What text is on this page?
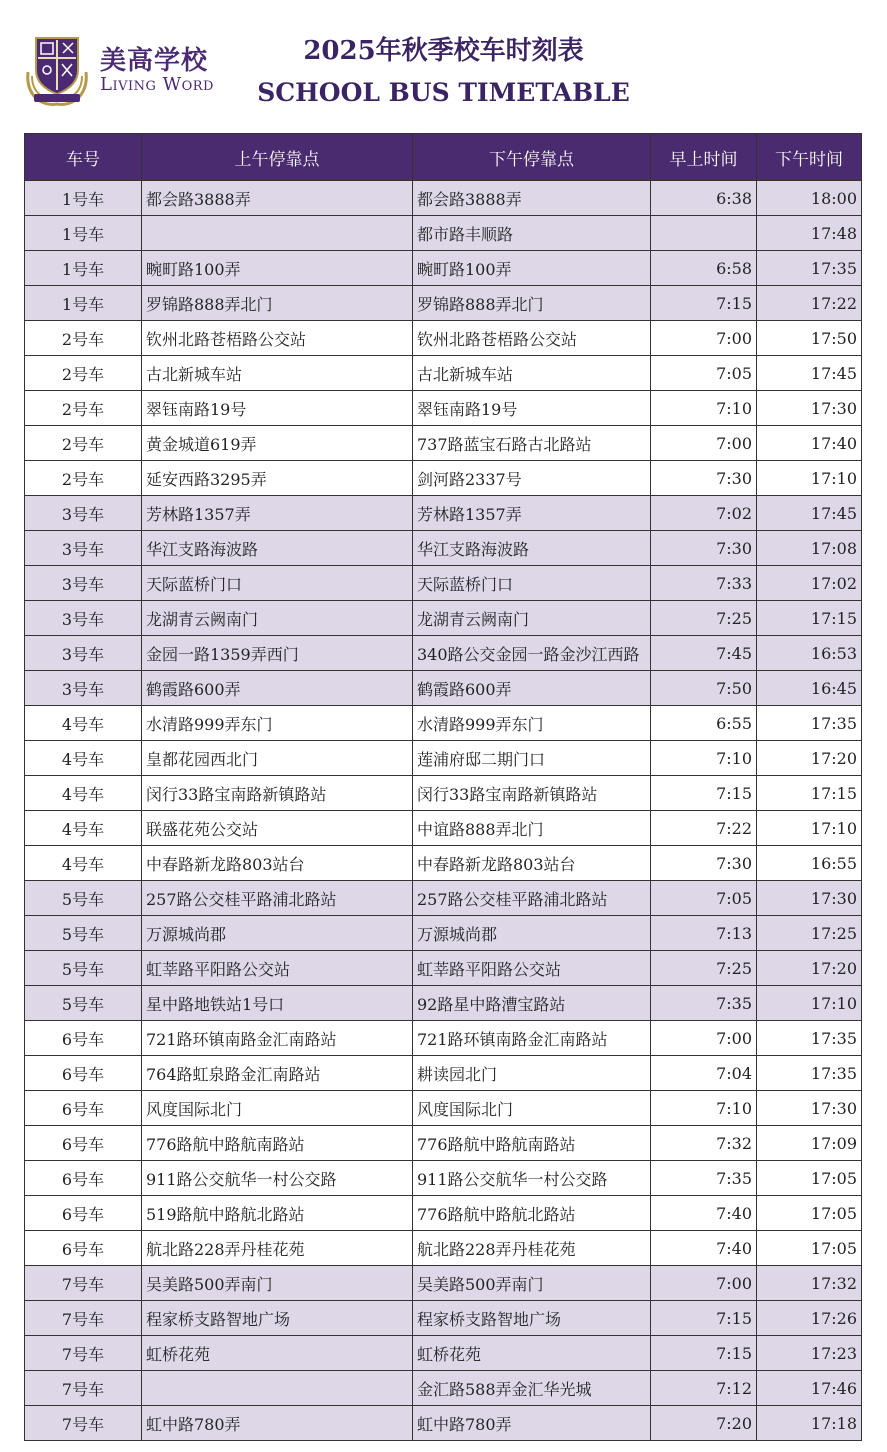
美高学校
Living Word
2025年秋季校车时刻表
SCHOOL BUS TIMETABLE
车号	上午停靠点	下午停靠点	早上时间	下午时间
1号车	都会路3888弄	都会路3888弄	6:38	18:00
1号车		都市路丰顺路		17:48
1号车	畹町路100弄	畹町路100弄	6:58	17:35
1号车	罗锦路888弄北门	罗锦路888弄北门	7:15	17:22
2号车	钦州北路苍梧路公交站	钦州北路苍梧路公交站	7:00	17:50
2号车	古北新城车站	古北新城车站	7:05	17:45
2号车	翠钰南路19号	翠钰南路19号	7:10	17:30
2号车	黄金城道619弄	737路蓝宝石路古北路站	7:00	17:40
2号车	延安西路3295弄	剑河路2337号	7:30	17:10
3号车	芳林路1357弄	芳林路1357弄	7:02	17:45
3号车	华江支路海波路	华江支路海波路	7:30	17:08
3号车	天际蓝桥门口	天际蓝桥门口	7:33	17:02
3号车	龙湖青云阙南门	龙湖青云阙南门	7:25	17:15
3号车	金园一路1359弄西门	340路公交金园一路金沙江西路	7:45	16:53
3号车	鹤霞路600弄	鹤霞路600弄	7:50	16:45
4号车	水清路999弄东门	水清路999弄东门	6:55	17:35
4号车	皇都花园西北门	莲浦府邸二期门口	7:10	17:20
4号车	闵行33路宝南路新镇路站	闵行33路宝南路新镇路站	7:15	17:15
4号车	联盛花苑公交站	中谊路888弄北门	7:22	17:10
4号车	中春路新龙路803站台	中春路新龙路803站台	7:30	16:55
5号车	257路公交桂平路浦北路站	257路公交桂平路浦北路站	7:05	17:30
5号车	万源城尚郡	万源城尚郡	7:13	17:25
5号车	虹莘路平阳路公交站	虹莘路平阳路公交站	7:25	17:20
5号车	星中路地铁站1号口	92路星中路漕宝路站	7:35	17:10
6号车	721路环镇南路金汇南路站	721路环镇南路金汇南路站	7:00	17:35
6号车	764路虹泉路金汇南路站	耕读园北门	7:04	17:35
6号车	风度国际北门	风度国际北门	7:10	17:30
6号车	776路航中路航南路站	776路航中路航南路站	7:32	17:09
6号车	911路公交航华一村公交路	911路公交航华一村公交路	7:35	17:05
6号车	519路航中路航北路站	776路航中路航北路站	7:40	17:05
6号车	航北路228弄丹桂花苑	航北路228弄丹桂花苑	7:40	17:05
7号车	吴美路500弄南门	吴美路500弄南门	7:00	17:32
7号车	程家桥支路智地广场	程家桥支路智地广场	7:15	17:26
7号车	虹桥花苑	虹桥花苑	7:15	17:23
7号车		金汇路588弄金汇华光城	7:12	17:46
7号车	虹中路780弄	虹中路780弄	7:20	17:18
